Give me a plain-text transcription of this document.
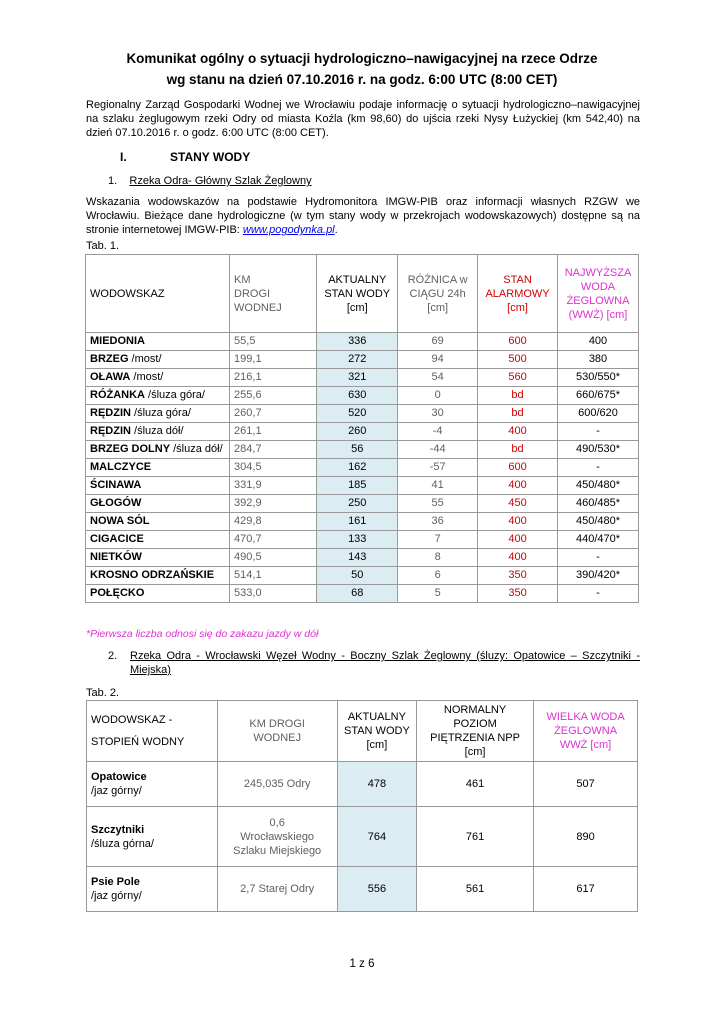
Komunikat ogólny o sytuacji hydrologiczno–nawigacyjnej na rzece Odrze
wg stanu na dzień 07.10.2016 r. na godz. 6:00 UTC (8:00 CET)
Regionalny Zarząd Gospodarki Wodnej we Wrocławiu podaje informację o sytuacji hydrologiczno–nawigacyjnej na szlaku żeglugowym rzeki Odry od miasta Koźla (km 98,60) do ujścia rzeki Nysy Łużyckiej (km 542,40) na dzień 07.10.2016 r. o godz. 6:00 UTC (8:00 CET).
I.	STANY WODY
1. Rzeka Odra- Główny Szlak Żeglowny
Wskazania wodowskazów na podstawie Hydromonitora IMGW-PIB oraz informacji własnych RZGW we Wrocławiu. Bieżące dane hydrologiczne (w tym stany wody w przekrojach wodowskazowych) dostępne są na stronie internetowej IMGW-PIB: www.pogodynka.pl.
Tab. 1.
WODOWSKAZ	KM DROGI WODNEJ	AKTUALNY STAN WODY [cm]	RÓŻNICA w CIĄGU 24h [cm]	STAN ALARMOWY [cm]	NAJWYŻSZA WODA ŻEGLOWNA (WWŻ) [cm]
MIEDONIA	55,5	336	69	600	400
BRZEG /most/	199,1	272	94	500	380
OŁAWA /most/	216,1	321	54	560	530/550*
RÓŻANKA /śluza góra/	255,6	630	0	bd	660/675*
RĘDZIN /śluza góra/	260,7	520	30	bd	600/620
RĘDZIN /śluza dół/	261,1	260	-4	400	-
BRZEG DOLNY /śluza dół/	284,7	56	-44	bd	490/530*
MALCZYCE	304,5	162	-57	600	-
ŚCINAWA	331,9	185	41	400	450/480*
GŁOGÓW	392,9	250	55	450	460/485*
NOWA SÓL	429,8	161	36	400	450/480*
CIGACICE	470,7	133	7	400	440/470*
NIETKÓW	490,5	143	8	400	-
KROSNO ODRZAŃSKIE	514,1	50	6	350	390/420*
POŁĘCKO	533,0	68	5	350	-
*Pierwsza liczba odnosi się do zakazu jazdy w dół
2. Rzeka Odra - Wrocławski Węzeł Wodny - Boczny Szlak Żeglowny (śluzy: Opatowice – Szczytniki - Miejska)
Tab. 2.
WODOWSKAZ -
STOPIEŃ WODNY	KM DROGI WODNEJ	AKTUALNY STAN WODY [cm]	NORMALNY POZIOM PIĘTRZENIA NPP [cm]	WIELKA WODA ŻEGLOWNA WWŻ [cm]

Opatowice
/jaz górny/	245,035 Odry	478	461	507

Szczytniki
/śluza górna/	0,6 Wrocławskiego Szlaku Miejskiego	764	761	890

Psie Pole
/jaz górny/	2,7 Starej Odry	556	561	617
1 z 6
